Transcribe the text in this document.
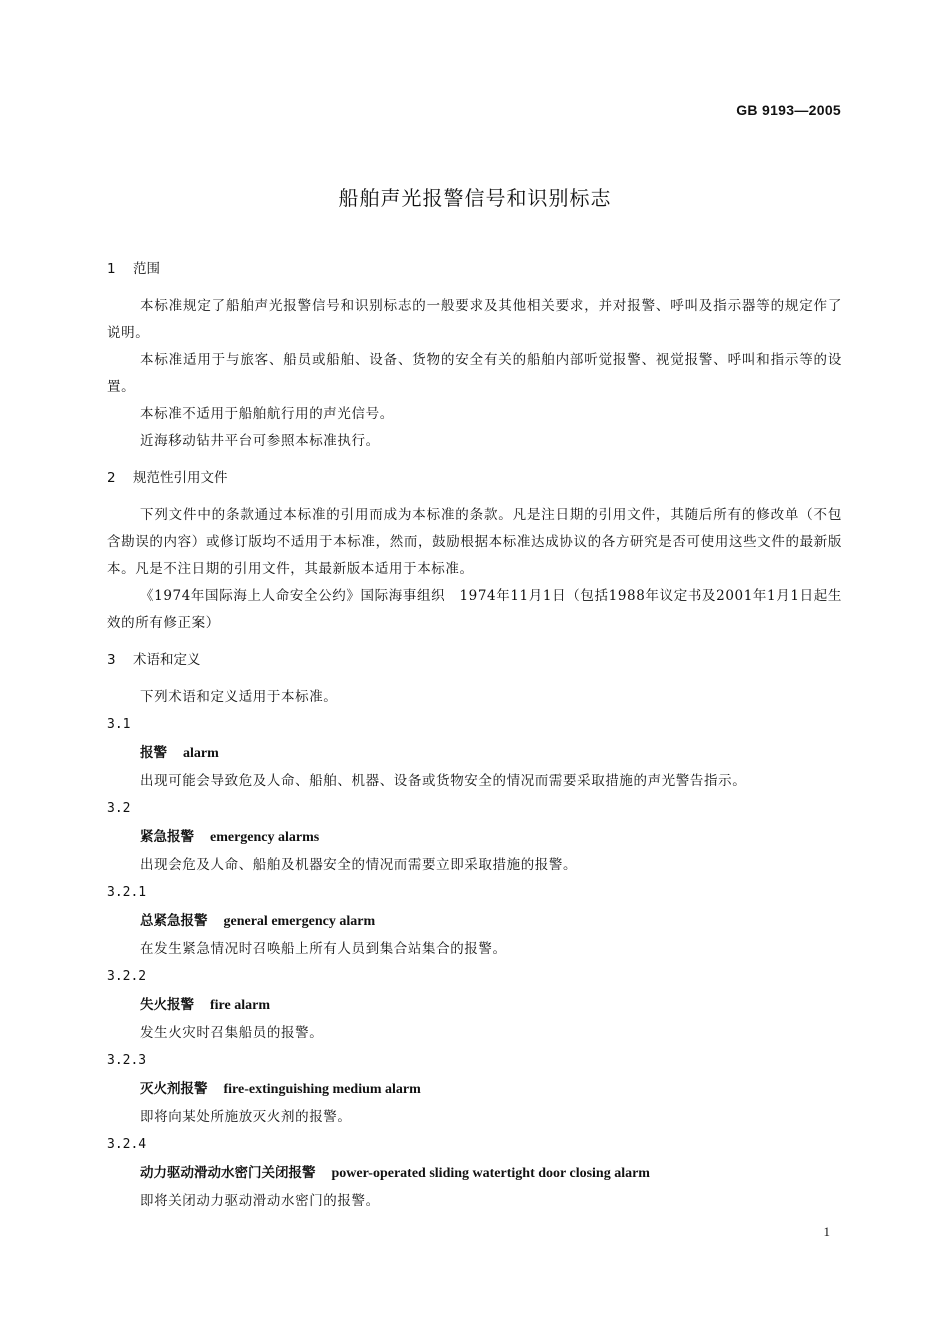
GB 9193—2005
船舶声光报警信号和识别标志
1 范围

本标准规定了船舶声光报警信号和识别标志的一般要求及其他相关要求，并对报警、呼叫及指示器等的规定作了说明。

本标准适用于与旅客、船员或船舶、设备、货物的安全有关的船舶内部听觉报警、视觉报警、呼叫和指示等的设置。

本标准不适用于船舶航行用的声光信号。

近海移动钻井平台可参照本标准执行。

2 规范性引用文件

下列文件中的条款通过本标准的引用而成为本标准的条款。凡是注日期的引用文件，其随后所有的修改单（不包含勘误的内容）或修订版均不适用于本标准，然而，鼓励根据本标准达成协议的各方研究是否可使用这些文件的最新版本。凡是不注日期的引用文件，其最新版本适用于本标准。

《1974年国际海上人命安全公约》国际海事组织　1974年11月1日（包括1988年议定书及2001年1月1日起生效的所有修正案）

3 术语和定义

下列术语和定义适用于本标准。

3.1

报警 alarm

出现可能会导致危及人命、船舶、机器、设备或货物安全的情况而需要采取措施的声光警告指示。

3.2

紧急报警 emergency alarms

出现会危及人命、船舶及机器安全的情况而需要立即采取措施的报警。

3.2.1

总紧急报警 general emergency alarm

在发生紧急情况时召唤船上所有人员到集合站集合的报警。

3.2.2

失火报警 fire alarm

发生火灾时召集船员的报警。

3.2.3

灭火剂报警 fire-extinguishing medium alarm

即将向某处所施放灭火剂的报警。

3.2.4

动力驱动滑动水密门关闭报警 power-operated sliding watertight door closing alarm

即将关闭动力驱动滑动水密门的报警。

1
